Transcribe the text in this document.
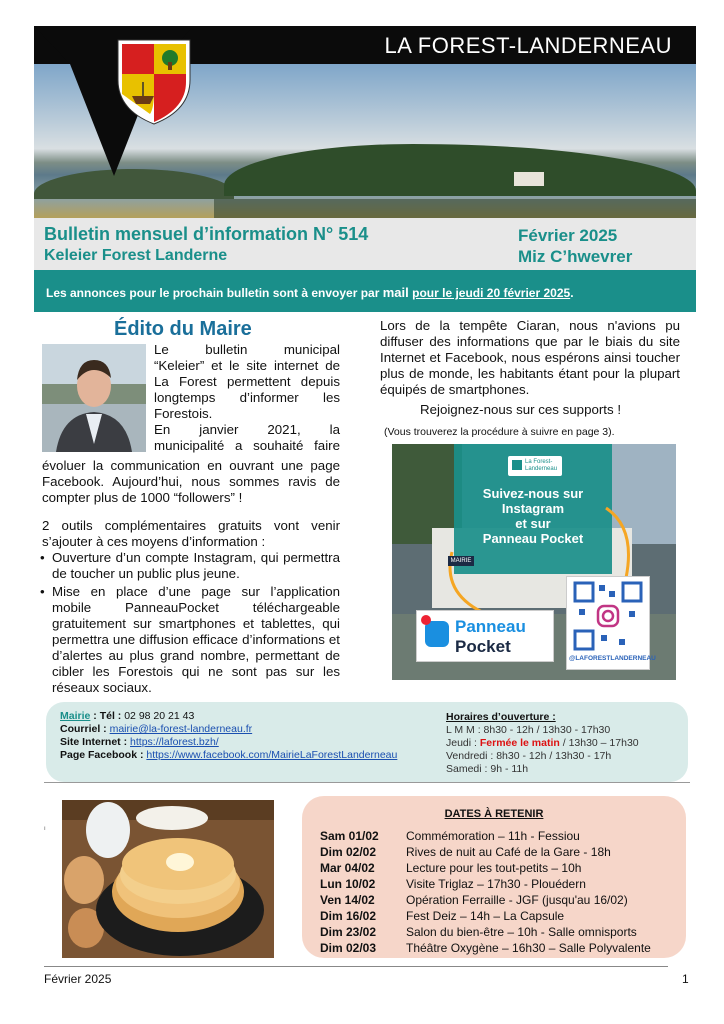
LA FOREST-LANDERNEAU
Bulletin mensuel d’information N° 514
Keleier Forest Landerne
Février 2025
Miz C’hwevrer
Les annonces pour le prochain bulletin sont à envoyer par mail pour le jeudi 20 février 2025.
Édito du Maire
Le bulletin municipal
“Keleier” et le site internet de
La Forest permettent depuis
longtemps d’informer les
Forestois.
En janvier 2021, la
municipalité a souhaité faire
évoluer la communication en ouvrant une page Facebook. Aujourd’hui, nous sommes ravis de compter plus de 1000 “followers” !
2 outils complémentaires gratuits vont venir s’ajouter à ces moyens d’information :
• Ouverture d’un compte Instagram, qui permettra de toucher un public plus jeune.
• Mise en place d’une page sur l’application mobile PanneauPocket téléchargeable gratuitement sur smartphones et tablettes, qui permettra une diffusion efficace d’informations et d’alertes au plus grand nombre, permettant de cibler les Forestois qui ne sont pas sur les réseaux sociaux.
Lors de la tempête Ciaran, nous n'avions pu diffuser des informations que par le biais du site Internet et Facebook, nous espérons ainsi toucher plus de monde, les habitants étant pour la plupart équipés de smartphones.
Rejoignez-nous sur ces supports !
(Vous trouverez la procédure à suivre en page 3).
La Forest-
Landerneau
Suivez-nous sur
Instagram
et sur
Panneau Pocket
MAIRIE
Panneau
Pocket
@LAFORESTLANDERNEAU
Mairie : Tél : 02 98 20 21 43
Courriel : mairie@la-forest-landerneau.fr
Site Internet : https://laforest.bzh/
Page Facebook : https://www.facebook.com/MairieLaForestLanderneau
Horaires d’ouverture :
L M M : 8h30 - 12h / 13h30 - 17h30
Jeudi : Fermée le matin / 13h30 – 17h30
Vendredi : 8h30 - 12h / 13h30 - 17h
Samedi : 9h - 11h
ı
DATES À RETENIR
Sam 01/02 Commémoration – 11h - Fessiou
Dim 02/02 Rives de nuit au Café de la Gare - 18h
Mar 04/02	Lecture pour les tout-petits – 10h
Lun 10/02	Visite Triglaz – 17h30 - Plouédern
Ven 14/02	Opération Ferraille - JGF (jusqu'au 16/02)
Dim 16/02 Fest Deiz – 14h – La Capsule
Dim 23/02 Salon du bien-être – 10h - Salle omnisports
Dim 02/03 Théâtre Oxygène – 16h30 – Salle Polyvalente
Février 2025	1
